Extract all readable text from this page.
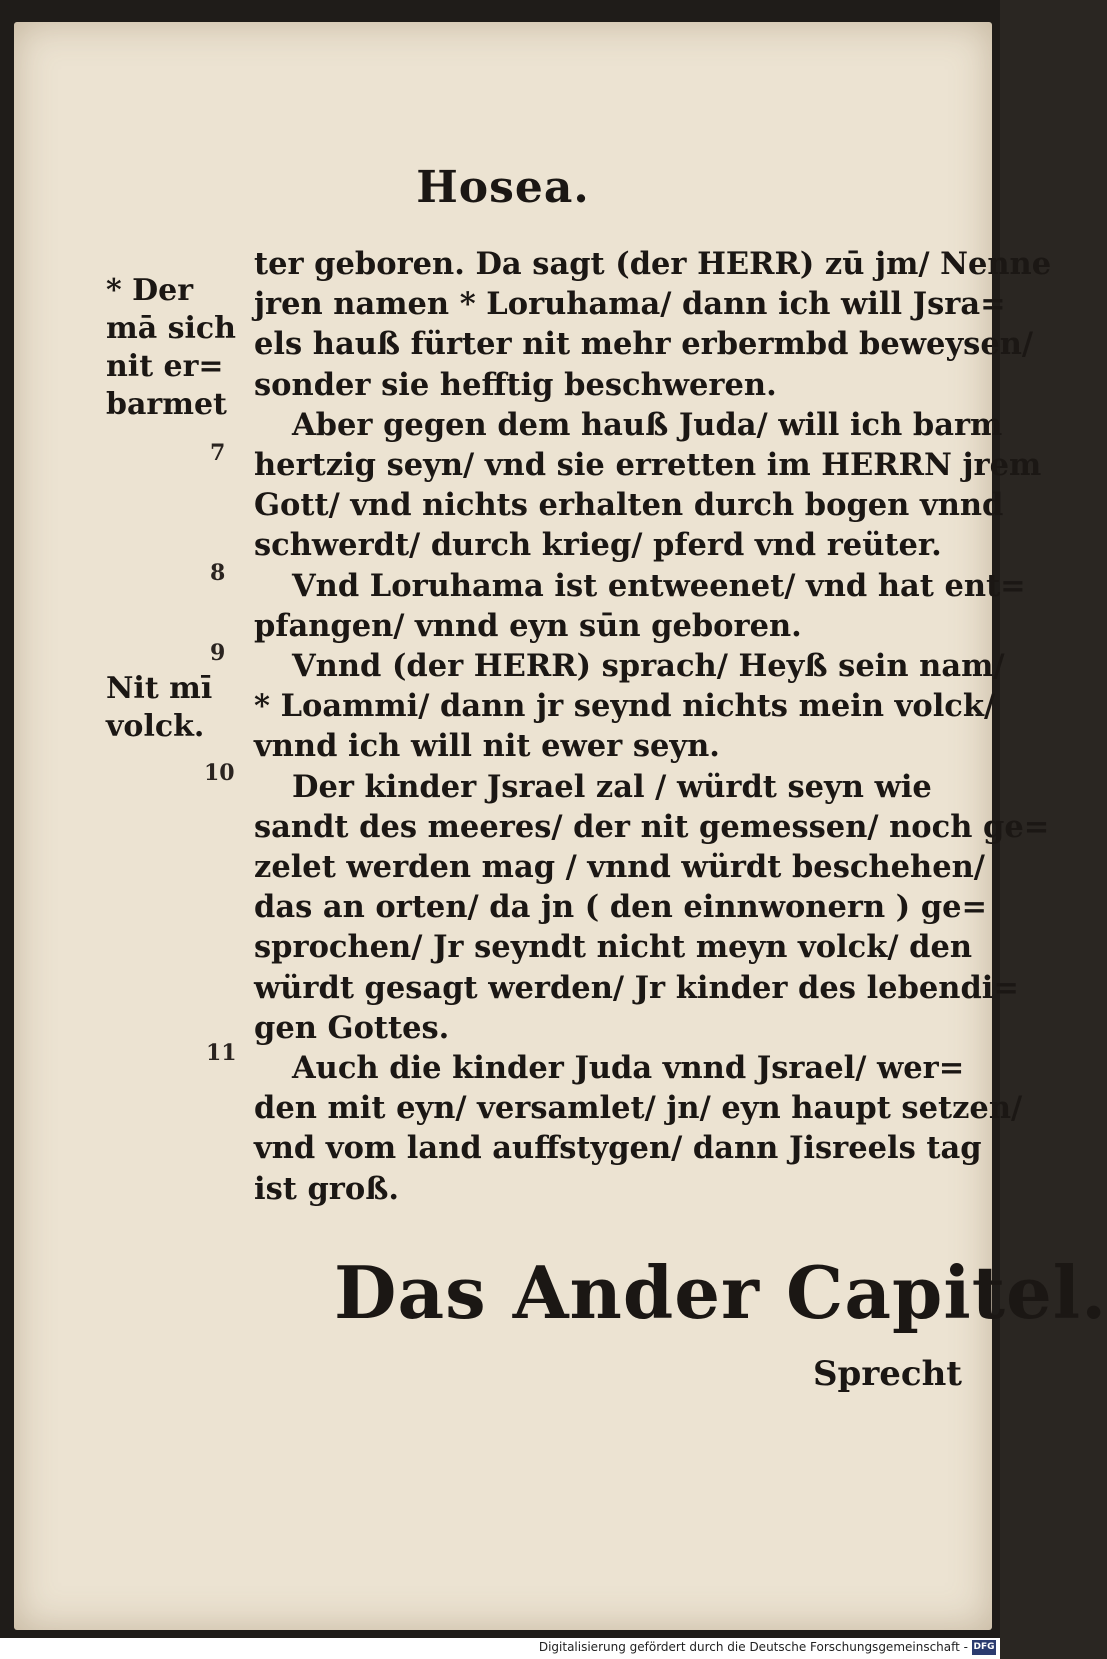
Hosea.
* Der
mā sich
nit er=
barmet
Nit mī
volck.
7
8
9
10
11
ter geboren. Da sagt (der HERR) zū jm/ Nenne
jren namen * Loruhama/ dann ich will Jsra=
els hauß fürter nit mehr erbermbd beweysen/
sonder sie hefftig beschweren.
Aber gegen dem hauß Juda/ will ich barm
hertzig seyn/ vnd sie erretten im HERRN jrem
Gott/ vnd nichts erhalten durch bogen vnnd
schwerdt/ durch krieg/ pferd vnd reüter.
Vnd Loruhama ist entweenet/ vnd hat ent=
pfangen/ vnnd eyn sūn geboren.
Vnnd (der HERR) sprach/ Heyß sein nam/
* Loammi/ dann jr seynd nichts mein volck/
vnnd ich will nit ewer seyn.
Der kinder Jsrael zal / würdt seyn wie
sandt des meeres/ der nit gemessen/ noch ge=
zelet werden mag / vnnd würdt beschehen/
das an orten/ da jn ( den einnwonern ) ge=
sprochen/ Jr seyndt nicht meyn volck/ den
würdt gesagt werden/ Jr kinder des lebendi=
gen Gottes.
Auch die kinder Juda vnnd Jsrael/ wer=
den mit eyn/ versamlet/ jn/ eyn haupt setzen/
vnd vom land auffstygen/ dann Jisreels tag
ist groß.
Das Ander Capitel.
Sprecht
Digitalisierung gefördert durch die Deutsche Forschungsgemeinschaft - DFG
